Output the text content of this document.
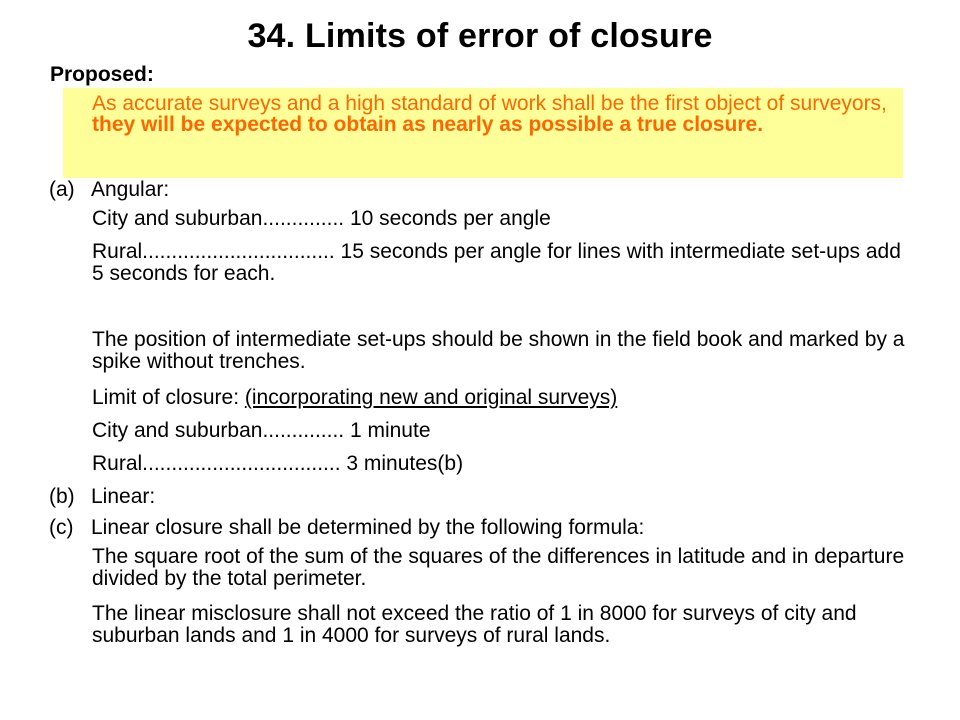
34. Limits of error of closure
Proposed:
As accurate surveys and a high standard of work shall be the first object of surveyors, they will be expected to obtain as nearly as possible a true closure.
(a) Angular:
City and suburban.............. 10 seconds per angle
Rural................................. 15 seconds per angle for lines with intermediate set-ups add 5 seconds for each.
The position of intermediate set-ups should be shown in the field book and marked by a spike without trenches.
Limit of closure: (incorporating new and original surveys)
City and suburban.............. 1 minute
Rural.................................. 3 minutes(b)
(b) Linear:
(c) Linear closure shall be determined by the following formula:
The square root of the sum of the squares of the differences in latitude and in departure divided by the total perimeter.
The linear misclosure shall not exceed the ratio of 1 in 8000 for surveys of city and suburban lands and 1 in 4000 for surveys of rural lands.
